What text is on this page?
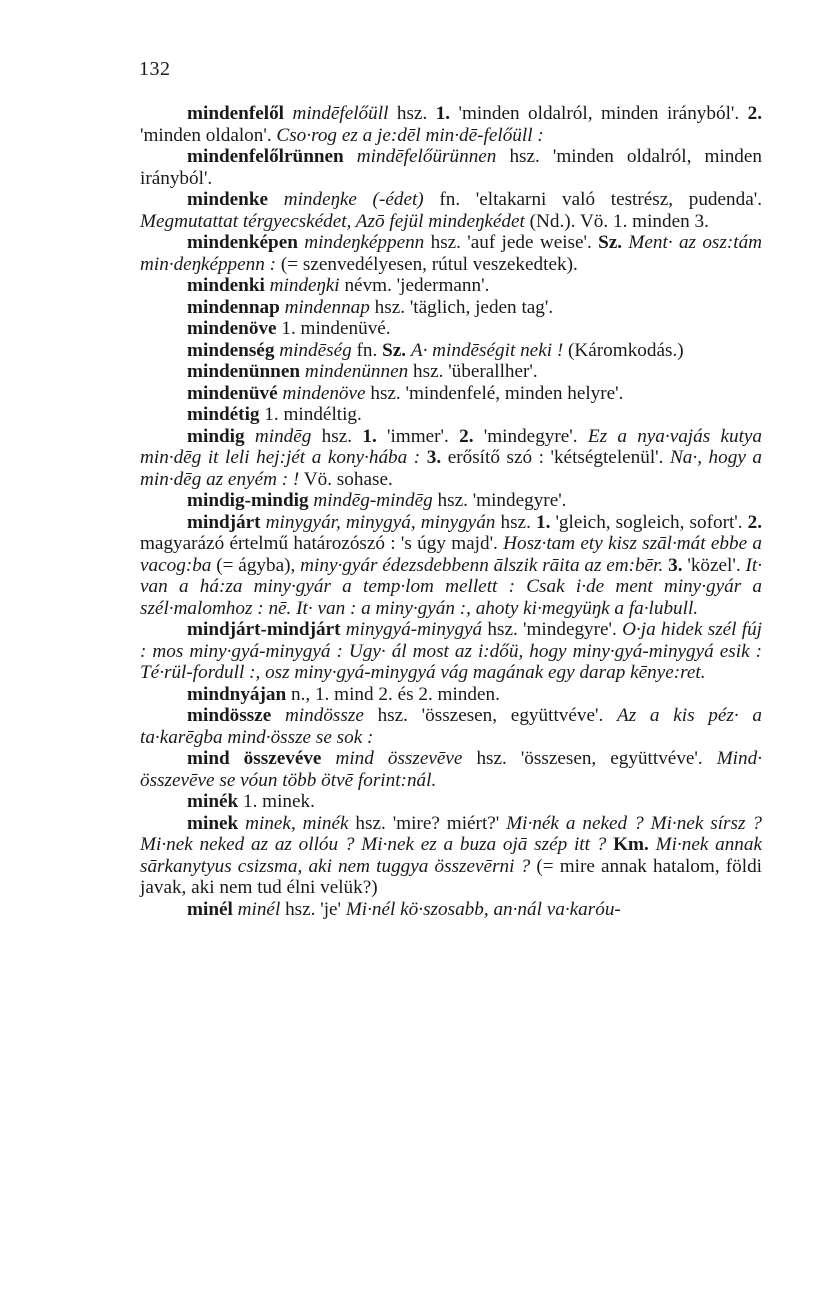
132

mindenfelől mindēfelőüll hsz. 1. 'minden oldalról, minden irányból'. 2. 'minden oldalon'. Cso·rog ez a je:dēl min·dē-felőüll :

mindenfelőlrünnen mindēfelőürünnen hsz. 'minden oldalról, minden irányból'.

mindenke mindeŋke (-édet) fn. 'eltakarni való testrész, pudenda'. Megmutattat térgyecskédet, Azō fejül mindeŋkédet (Nd.). Vö. 1. minden 3.

mindenképen mindeŋképpenn hsz. 'auf jede weise'. Sz. Ment· az osz:tám min·deŋképpenn : (= szenvedélyesen, rútul veszekedtek).

mindenki mindeŋki névm. 'jedermann'.

mindennap mindennap hsz. 'täglich, jeden tag'.

mindenöve 1. mindenüvé.

mindenség mindēség fn. Sz. A· mindēségit neki ! (Káromkodás.)

mindenünnen mindenünnen hsz. 'überallher'.

mindenüvé mindenöve hsz. 'mindenfelé, minden helyre'.

mindétig 1. mindéltig.

mindig mindēg hsz. 1. 'immer'. 2. 'mindegyre'. Ez a nya·vajás kutya min·dēg it leli hej:jét a kony·hába : 3. erősítő szó : 'kétségtelenül'. Na·, hogy a min·dēg az enyém : ! Vö. sohase.

mindig-mindig mindēg-mindēg hsz. 'mindegyre'.

mindjárt minygyár, minygyá, minygyán hsz. 1. 'gleich, sogleich, sofort'. 2. magyarázó értelmű határozószó : 's úgy majd'. Hosz·tam ety kisz szāl·mát ebbe a vacog:ba (= ágyba), miny·gyár édezsdebbenn ālszik rāita az em:bēr. 3. 'közel'. It· van a há:za miny·gyár a temp·lom mellett : Csak i·de ment miny·gyár a szél·malomhoz : nē. It· van : a miny·gyán :, ahoty ki·megyüŋk a fa·lubull.

mindjárt-mindjárt minygyá-minygyá hsz. 'mindegyre'. O·ja hidek szél fúj : mos miny·gyá-minygyá : Ugy· ál most az i:dőü, hogy miny·gyá-minygyá esik : Té·rül-fordull :, osz miny·gyá-minygyá vág magának egy darap kēnye:ret.

mindnyájan n., 1. mind 2. és 2. minden.

mindössze mindössze hsz. 'összesen, együttvéve'. Az a kis péz· a ta·karēgba mind·össze se sok :

mind összevéve mind összevēve hsz. 'összesen, együttvéve'. Mind· összevēve se vóun több ötvē forint:nál.

minék 1. minek.

minek minek, minék hsz. 'mire? miért?' Mi·nék a neked ? Mi·nek sírsz ? Mi·nek neked az az ollóu ? Mi·nek ez a buza ojā szép itt ? Km. Mi·nek annak sārkanytyus csizsma, aki nem tuggya összevērni ? (= mire annak hatalom, földi javak, aki nem tud élni velük?)

minél minél hsz. 'je' Mi·nél kö·szosabb, an·nál va·karóu-
